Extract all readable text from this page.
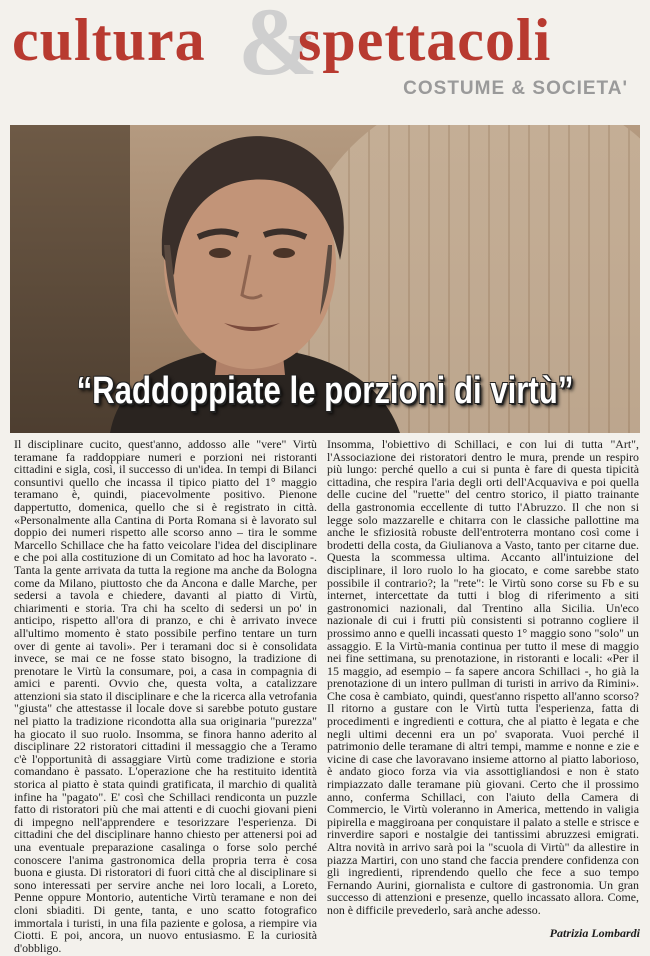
&
cultura spettacoli
COSTUME & SOCIETA'
“Raddoppiate le porzioni di virtù”

Il disciplinare cucito, quest'anno, addosso alle "vere" Virtù teramane fa raddoppiare numeri e porzioni nei ristoranti cittadini e sigla, così, il successo di un'idea. In tempi di Bilanci consuntivi quello che incassa il tipico piatto del 1° maggio teramano è, quindi, piacevolmente positivo. Pienone dappertutto, domenica, quello che si è registrato in città. «Personalmente alla Cantina di Porta Romana si è lavorato sul doppio dei numeri rispetto alle scorso anno – tira le somme Marcello Schillace che ha fatto veicolare l'idea del disciplinare e che poi alla costituzione di un Comitato ad hoc ha lavorato -. Tanta la gente arrivata da tutta la regione ma anche da Bologna come da Milano, piuttosto che da Ancona e dalle Marche, per sedersi a tavola e chiedere, davanti al piatto di Virtù, chiarimenti e storia. Tra chi ha scelto di sedersi un po' in anticipo, rispetto all'ora di pranzo, e chi è arrivato invece all'ultimo momento è stato possibile perfino tentare un turn over di gente ai tavoli». Per i teramani doc si è consolidata invece, se mai ce ne fosse stato bisogno, la tradizione di prenotare le Virtù la consumare, poi, a casa in compagnia di amici e parenti. Ovvio che, questa volta, a catalizzare attenzioni sia stato il disciplinare e che la ricerca alla vetrofania "giusta" che attestasse il locale dove si sarebbe potuto gustare nel piatto la tradizione ricondotta alla sua originaria "purezza" ha giocato il suo ruolo. Insomma, se finora hanno aderito al disciplinare 22 ristoratori cittadini il messaggio che a Teramo c'è l'opportunità di assaggiare Virtù come tradizione e storia comandano è passato. L'operazione che ha restituito identità storica al piatto è stata quindi gratificata, il marchio di qualità infine ha "pagato". E' così che Schillaci rendiconta un puzzle fatto di ristoratori più che mai attenti e di cuochi giovani pieni di impegno nell'apprendere e tesorizzare l'esperienza. Di cittadini che del disciplinare hanno chiesto per attenersi poi ad una eventuale preparazione casalinga o forse solo perché conoscere l'anima gastronomica della propria terra è cosa buona e giusta. Di ristoratori di fuori città che al disciplinare si sono interessati per servire anche nei loro locali, a Loreto, Penne oppure Montorio, autentiche Virtù teramane e non dei cloni sbiaditi. Di gente, tanta, e uno scatto fotografico immortala i turisti, in una fila paziente e golosa, a riempire via Ciotti. E poi, ancora, un nuovo entusiasmo. E la curiosità d'obbligo.

Insomma, l'obiettivo di Schillaci, e con lui di tutta "Art", l'Associazione dei ristoratori dentro le mura, prende un respiro più lungo: perché quello a cui si punta è fare di questa tipicità cittadina, che respira l'aria degli orti dell'Acquaviva e poi quella delle cucine del "ruette" del centro storico, il piatto trainante della gastronomia eccellente di tutto l'Abruzzo. Il che non si legge solo mazzarelle e chitarra con le classiche pallottine ma anche le sfiziosità robuste dell'entroterra montano così come i brodetti della costa, da Giulianova a Vasto, tanto per citarne due. Questa la scommessa ultima. Accanto all'intuizione del disciplinare, il loro ruolo lo ha giocato, e come sarebbe stato possibile il contrario?; la "rete": le Virtù sono corse su Fb e su internet, intercettate da tutti i blog di riferimento a siti gastronomici nazionali, dal Trentino alla Sicilia. Un'eco nazionale di cui i frutti più consistenti si potranno cogliere il prossimo anno e quelli incassati questo 1° maggio sono "solo" un assaggio. E la Virtù-mania continua per tutto il mese di maggio nei fine settimana, su prenotazione, in ristoranti e locali: «Per il 15 maggio, ad esempio – fa sapere ancora Schillaci -, ho già la prenotazione di un intero pullman di turisti in arrivo da Rimini». Che cosa è cambiato, quindi, quest'anno rispetto all'anno scorso? Il ritorno a gustare con le Virtù tutta l'esperienza, fatta di procedimenti e ingredienti e cottura, che al piatto è legata e che negli ultimi decenni era un po' svaporata. Vuoi perché il patrimonio delle teramane di altri tempi, mamme e nonne e zie e vicine di case che lavoravano insieme attorno al piatto laborioso, è andato gioco forza via via assottigliandosi e non è stato rimpiazzato dalle teramane più giovani. Certo che il prossimo anno, conferma Schillaci, con l'aiuto della Camera di Commercio, le Virtù voleranno in America, mettendo in valigia pipirella e maggiroana per conquistare il palato a stelle e strisce e rinverdire sapori e nostalgie dei tantissimi abruzzesi emigrati. Altra novità in arrivo sarà poi la "scuola di Virtù" da allestire in piazza Martiri, con uno stand che faccia prendere confidenza con gli ingredienti, riprendendo quello che fece a suo tempo Fernando Aurini, giornalista e cultore di gastronomia. Un gran successo di attenzioni e presenze, quello incassato allora. Come, non è difficile prevederlo, sarà anche adesso.

Patrizia Lombardi
